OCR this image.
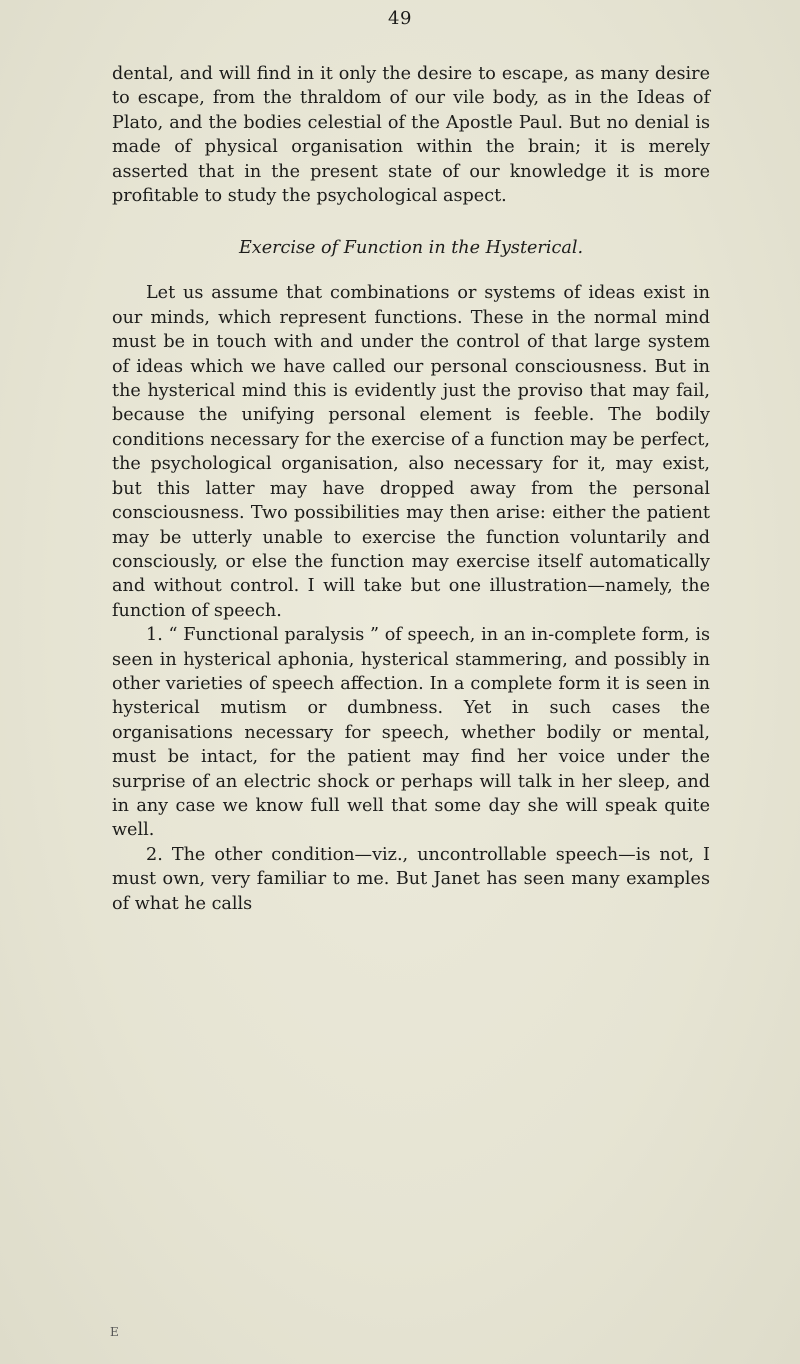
49

dental, and will find in it only the desire to escape, as many desire to escape, from the thraldom of our vile body, as in the Ideas of Plato, and the bodies celestial of the Apostle Paul. But no denial is made of physical organisation within the brain; it is merely asserted that in the present state of our knowledge it is more profitable to study the psychological aspect.

Exercise of Function in the Hysterical.

Let us assume that combinations or systems of ideas exist in our minds, which represent functions. These in the normal mind must be in touch with and under the control of that large system of ideas which we have called our personal consciousness. But in the hysterical mind this is evidently just the proviso that may fail, because the unifying personal element is feeble. The bodily conditions necessary for the exercise of a function may be perfect, the psychological organisation, also necessary for it, may exist, but this latter may have dropped away from the personal consciousness. Two possibilities may then arise: either the patient may be utterly unable to exercise the function voluntarily and consciously, or else the function may exercise itself automatically and without control. I will take but one illustration—namely, the function of speech.

1. “ Functional paralysis ” of speech, in an in-complete form, is seen in hysterical aphonia, hysterical stammering, and possibly in other varieties of speech affection. In a complete form it is seen in hysterical mutism or dumbness. Yet in such cases the organisations necessary for speech, whether bodily or mental, must be intact, for the patient may find her voice under the surprise of an electric shock or perhaps will talk in her sleep, and in any case we know full well that some day she will speak quite well.

2. The other condition—viz., uncontrollable speech—is not, I must own, very familiar to me. But Janet has seen many examples of what he calls

E
